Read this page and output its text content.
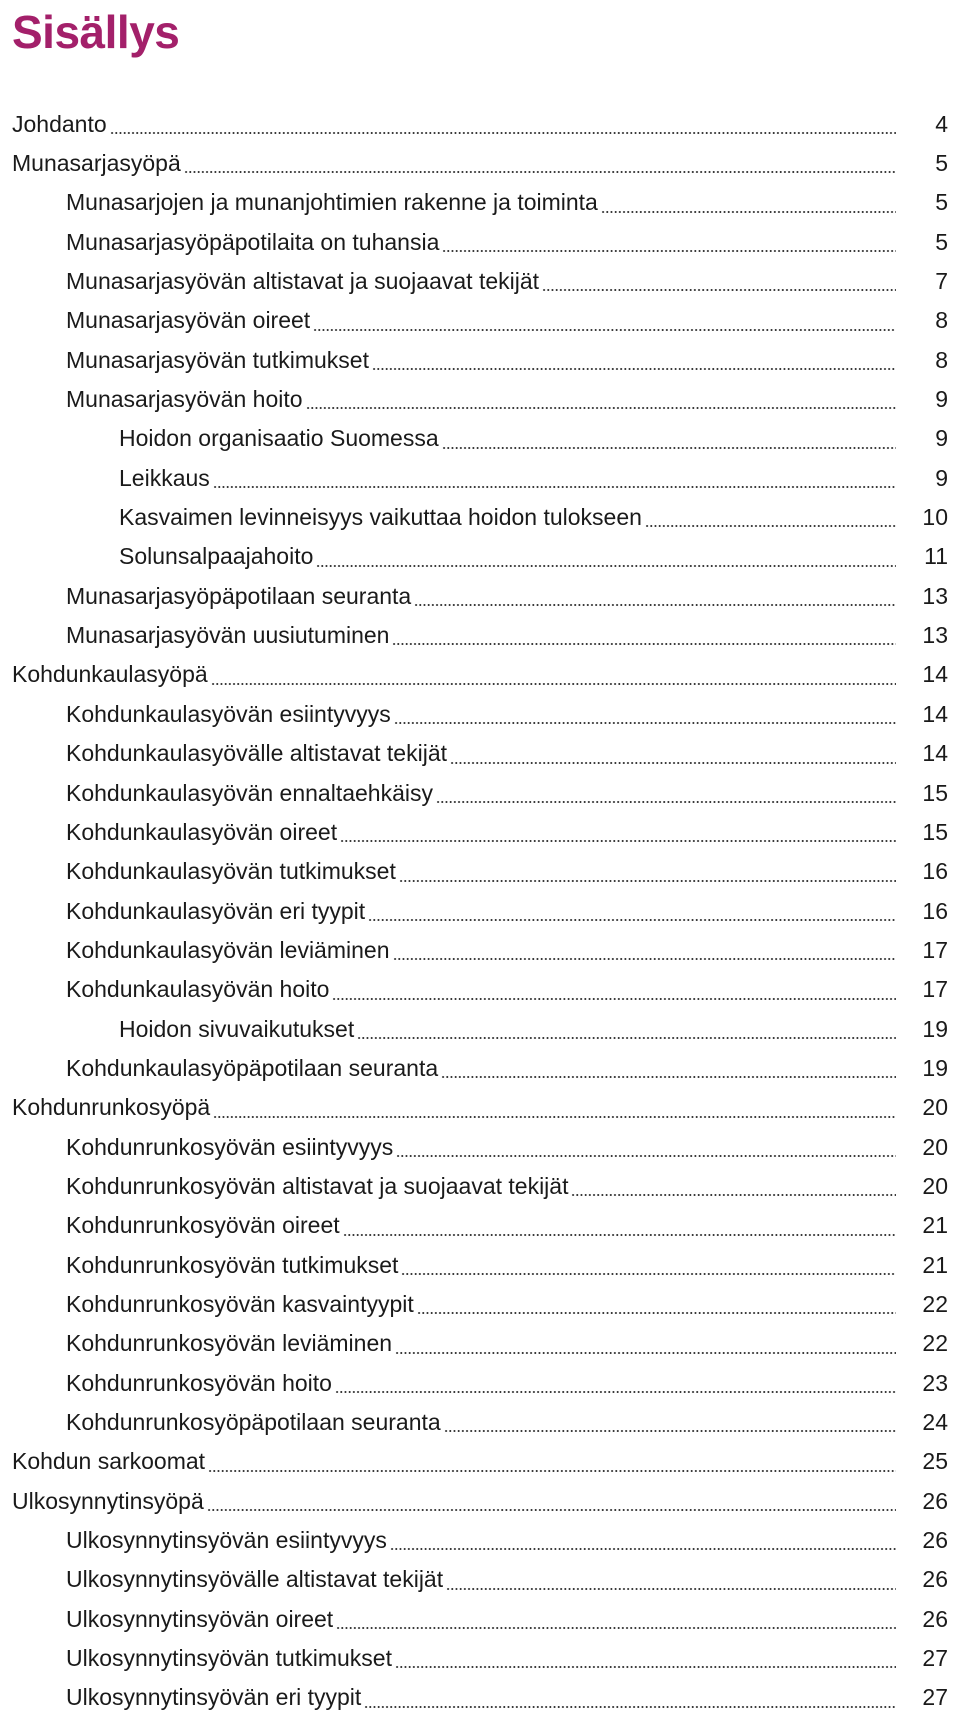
Sisällys
Johdanto	4
Munasarjasyöpä	5
Munasarjojen ja munanjohtimien rakenne ja toiminta	5
Munasarjasyöpäpotilaita on tuhansia	5
Munasarjasyövän altistavat ja suojaavat tekijät	7
Munasarjasyövän oireet	8
Munasarjasyövän tutkimukset	8
Munasarjasyövän hoito	9
Hoidon organisaatio Suomessa	9
Leikkaus	9
Kasvaimen levinneisyys vaikuttaa hoidon tulokseen	10
Solunsalpaajahoito	11
Munasarjasyöpäpotilaan seuranta	13
Munasarjasyövän uusiutuminen	13
Kohdunkaulasyöpä	14
Kohdunkaulasyövän esiintyvyys	14
Kohdunkaulasyövälle altistavat tekijät	14
Kohdunkaulasyövän ennaltaehkäisy	15
Kohdunkaulasyövän oireet	15
Kohdunkaulasyövän tutkimukset	16
Kohdunkaulasyövän eri tyypit	16
Kohdunkaulasyövän leviäminen	17
Kohdunkaulasyövän hoito	17
Hoidon sivuvaikutukset	19
Kohdunkaulasyöpäpotilaan seuranta	19
Kohdunrunkosyöpä	20
Kohdunrunkosyövän esiintyvyys	20
Kohdunrunkosyövän altistavat ja suojaavat tekijät	20
Kohdunrunkosyövän oireet	21
Kohdunrunkosyövän tutkimukset	21
Kohdunrunkosyövän kasvaintyypit	22
Kohdunrunkosyövän leviäminen	22
Kohdunrunkosyövän hoito	23
Kohdunrunkosyöpäpotilaan seuranta	24
Kohdun sarkoomat	25
Ulkosynnytinsyöpä	26
Ulkosynnytinsyövän esiintyvyys	26
Ulkosynnytinsyövälle altistavat tekijät	26
Ulkosynnytinsyövän oireet	26
Ulkosynnytinsyövän tutkimukset	27
Ulkosynnytinsyövän eri tyypit	27
